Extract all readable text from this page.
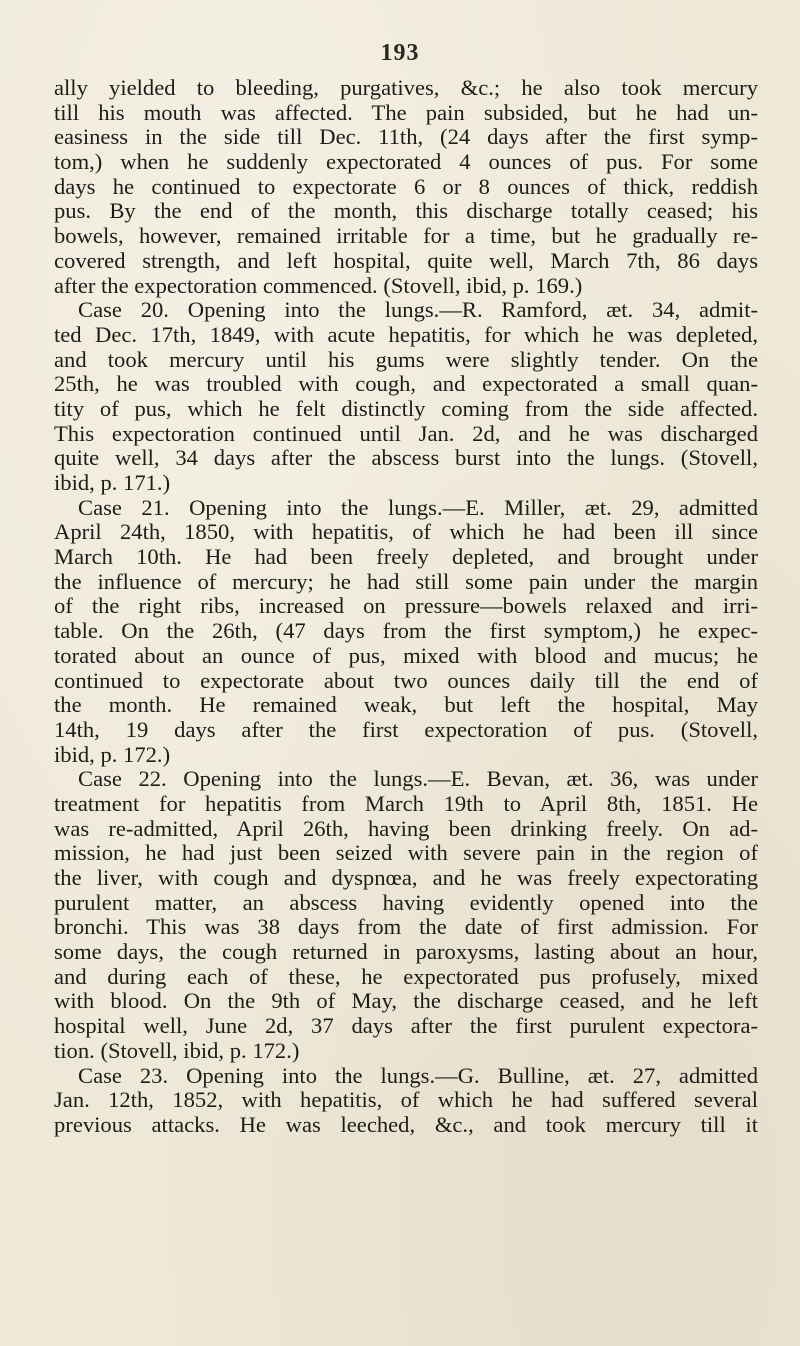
193
ally yielded to bleeding, purgatives, &c.; he also took mercury
till his mouth was affected. The pain subsided, but he had un-
easiness in the side till Dec. 11th, (24 days after the first symp-
tom,) when he suddenly expectorated 4 ounces of pus. For some
days he continued to expectorate 6 or 8 ounces of thick, reddish
pus. By the end of the month, this discharge totally ceased; his
bowels, however, remained irritable for a time, but he gradually re-
covered strength, and left hospital, quite well, March 7th, 86 days
after the expectoration commenced. (Stovell, ibid, p. 169.)
Case 20. Opening into the lungs.—R. Ramford, æt. 34, admit-
ted Dec. 17th, 1849, with acute hepatitis, for which he was depleted,
and took mercury until his gums were slightly tender. On the
25th, he was troubled with cough, and expectorated a small quan-
tity of pus, which he felt distinctly coming from the side affected.
This expectoration continued until Jan. 2d, and he was discharged
quite well, 34 days after the abscess burst into the lungs. (Stovell,
ibid, p. 171.)
Case 21. Opening into the lungs.—E. Miller, æt. 29, admitted
April 24th, 1850, with hepatitis, of which he had been ill since
March 10th. He had been freely depleted, and brought under
the influence of mercury; he had still some pain under the margin
of the right ribs, increased on pressure—bowels relaxed and irri-
table. On the 26th, (47 days from the first symptom,) he expec-
torated about an ounce of pus, mixed with blood and mucus; he
continued to expectorate about two ounces daily till the end of
the month. He remained weak, but left the hospital, May
14th, 19 days after the first expectoration of pus. (Stovell,
ibid, p. 172.)
Case 22. Opening into the lungs.—E. Bevan, æt. 36, was under
treatment for hepatitis from March 19th to April 8th, 1851. He
was re-admitted, April 26th, having been drinking freely. On ad-
mission, he had just been seized with severe pain in the region of
the liver, with cough and dyspnœa, and he was freely expectorating
purulent matter, an abscess having evidently opened into the
bronchi. This was 38 days from the date of first admission. For
some days, the cough returned in paroxysms, lasting about an hour,
and during each of these, he expectorated pus profusely, mixed
with blood. On the 9th of May, the discharge ceased, and he left
hospital well, June 2d, 37 days after the first purulent expectora-
tion. (Stovell, ibid, p. 172.)
Case 23. Opening into the lungs.—G. Bulline, æt. 27, admitted
Jan. 12th, 1852, with hepatitis, of which he had suffered several
previous attacks. He was leeched, &c., and took mercury till it
